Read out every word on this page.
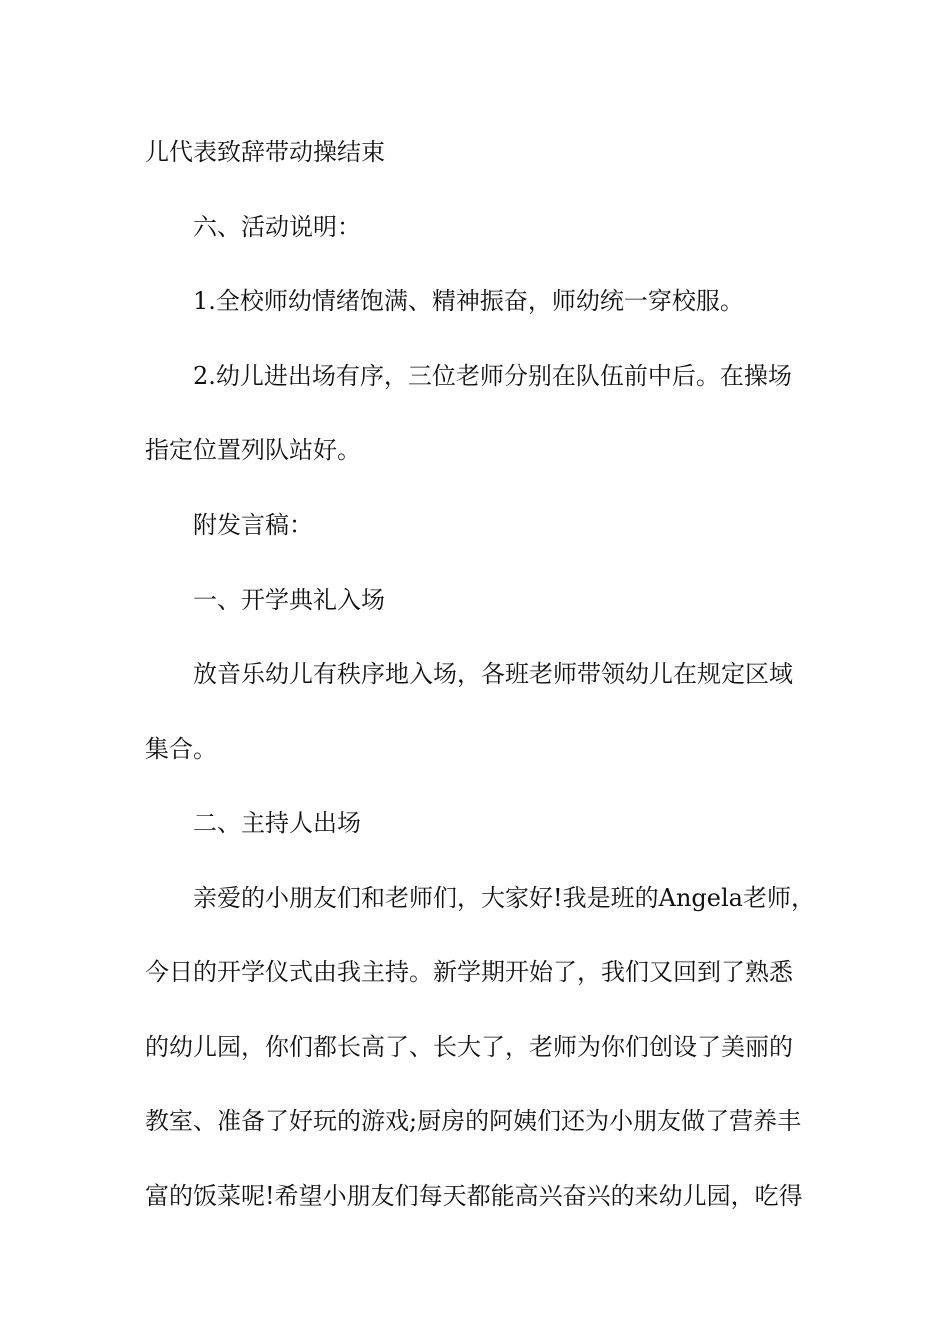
儿代表致辞带动操结束
六、活动说明：
1.全校师幼情绪饱满、精神振奋，师幼统一穿校服。
2.幼儿进出场有序，三位老师分别在队伍前中后。在操场
指定位置列队站好。
附发言稿：
一、开学典礼入场
放音乐幼儿有秩序地入场，各班老师带领幼儿在规定区域
集合。
二、主持人出场
亲爱的小朋友们和老师们，大家好!我是班的Angela老师，
今日的开学仪式由我主持。新学期开始了，我们又回到了熟悉
的幼儿园，你们都长高了、长大了，老师为你们创设了美丽的
教室、准备了好玩的游戏;厨房的阿姨们还为小朋友做了营养丰
富的饭菜呢!希望小朋友们每天都能高兴奋兴的来幼儿园，吃得
